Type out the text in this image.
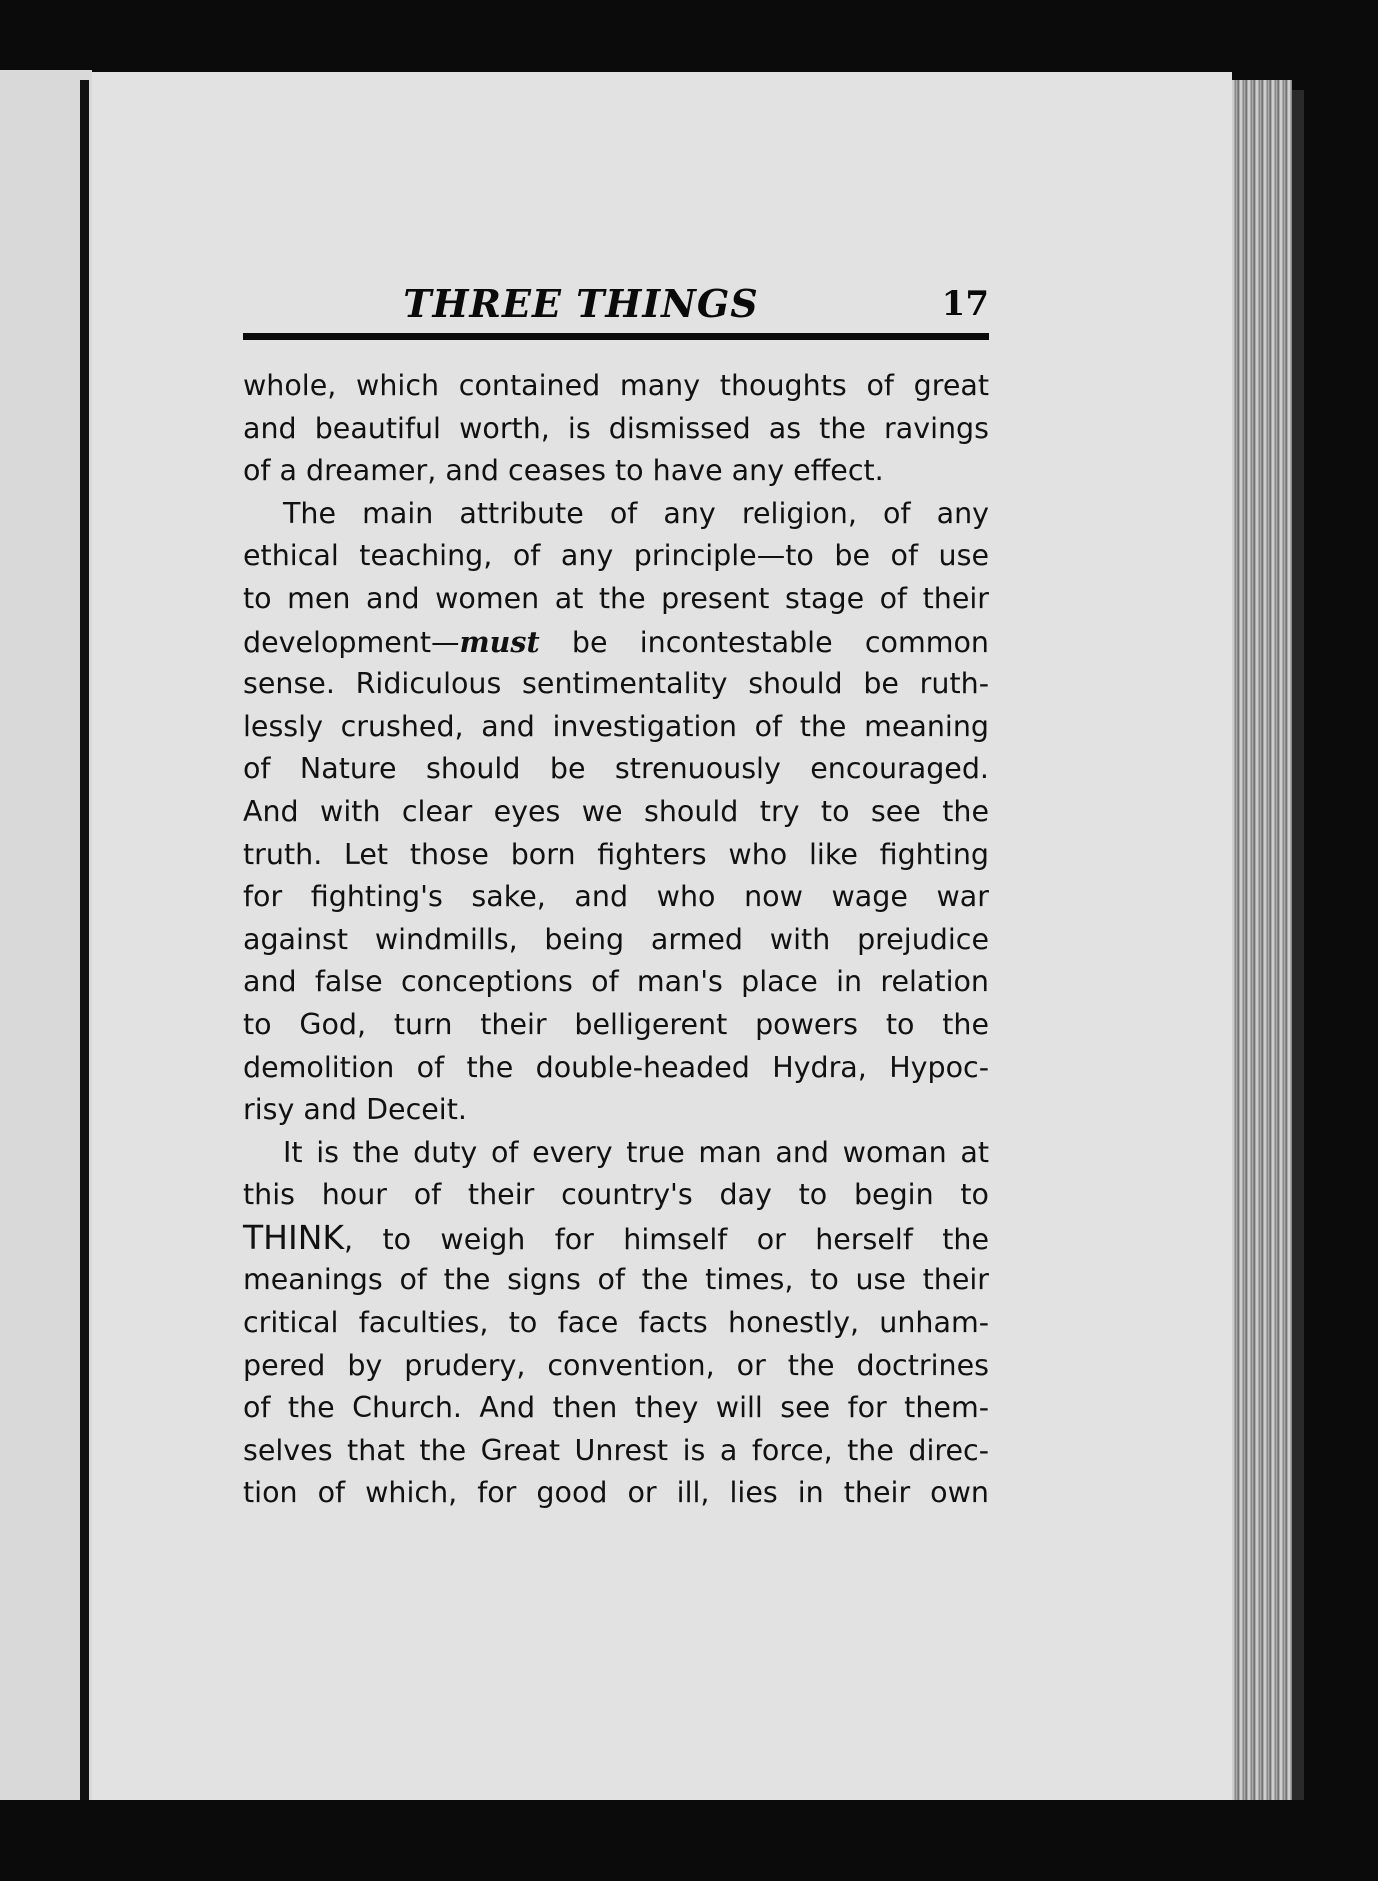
THREE THINGS	17
whole, which contained many thoughts of great
and beautiful worth, is dismissed as the ravings
of a dreamer, and ceases to have any effect.
The main attribute of any religion, of any
ethical teaching, of any principle—to be of use
to men and women at the present stage of their
development—must be incontestable common
sense. Ridiculous sentimentality should be ruth-
lessly crushed, and investigation of the meaning
of Nature should be strenuously encouraged.
And with clear eyes we should try to see the
truth. Let those born fighters who like fighting
for fighting's sake, and who now wage war
against windmills, being armed with prejudice
and false conceptions of man's place in relation
to God, turn their belligerent powers to the
demolition of the double-headed Hydra, Hypoc-
risy and Deceit.
It is the duty of every true man and woman at
this hour of their country's day to begin to
THINK, to weigh for himself or herself the
meanings of the signs of the times, to use their
critical faculties, to face facts honestly, unham-
pered by prudery, convention, or the doctrines
of the Church. And then they will see for them-
selves that the Great Unrest is a force, the direc-
tion of which, for good or ill, lies in their own
